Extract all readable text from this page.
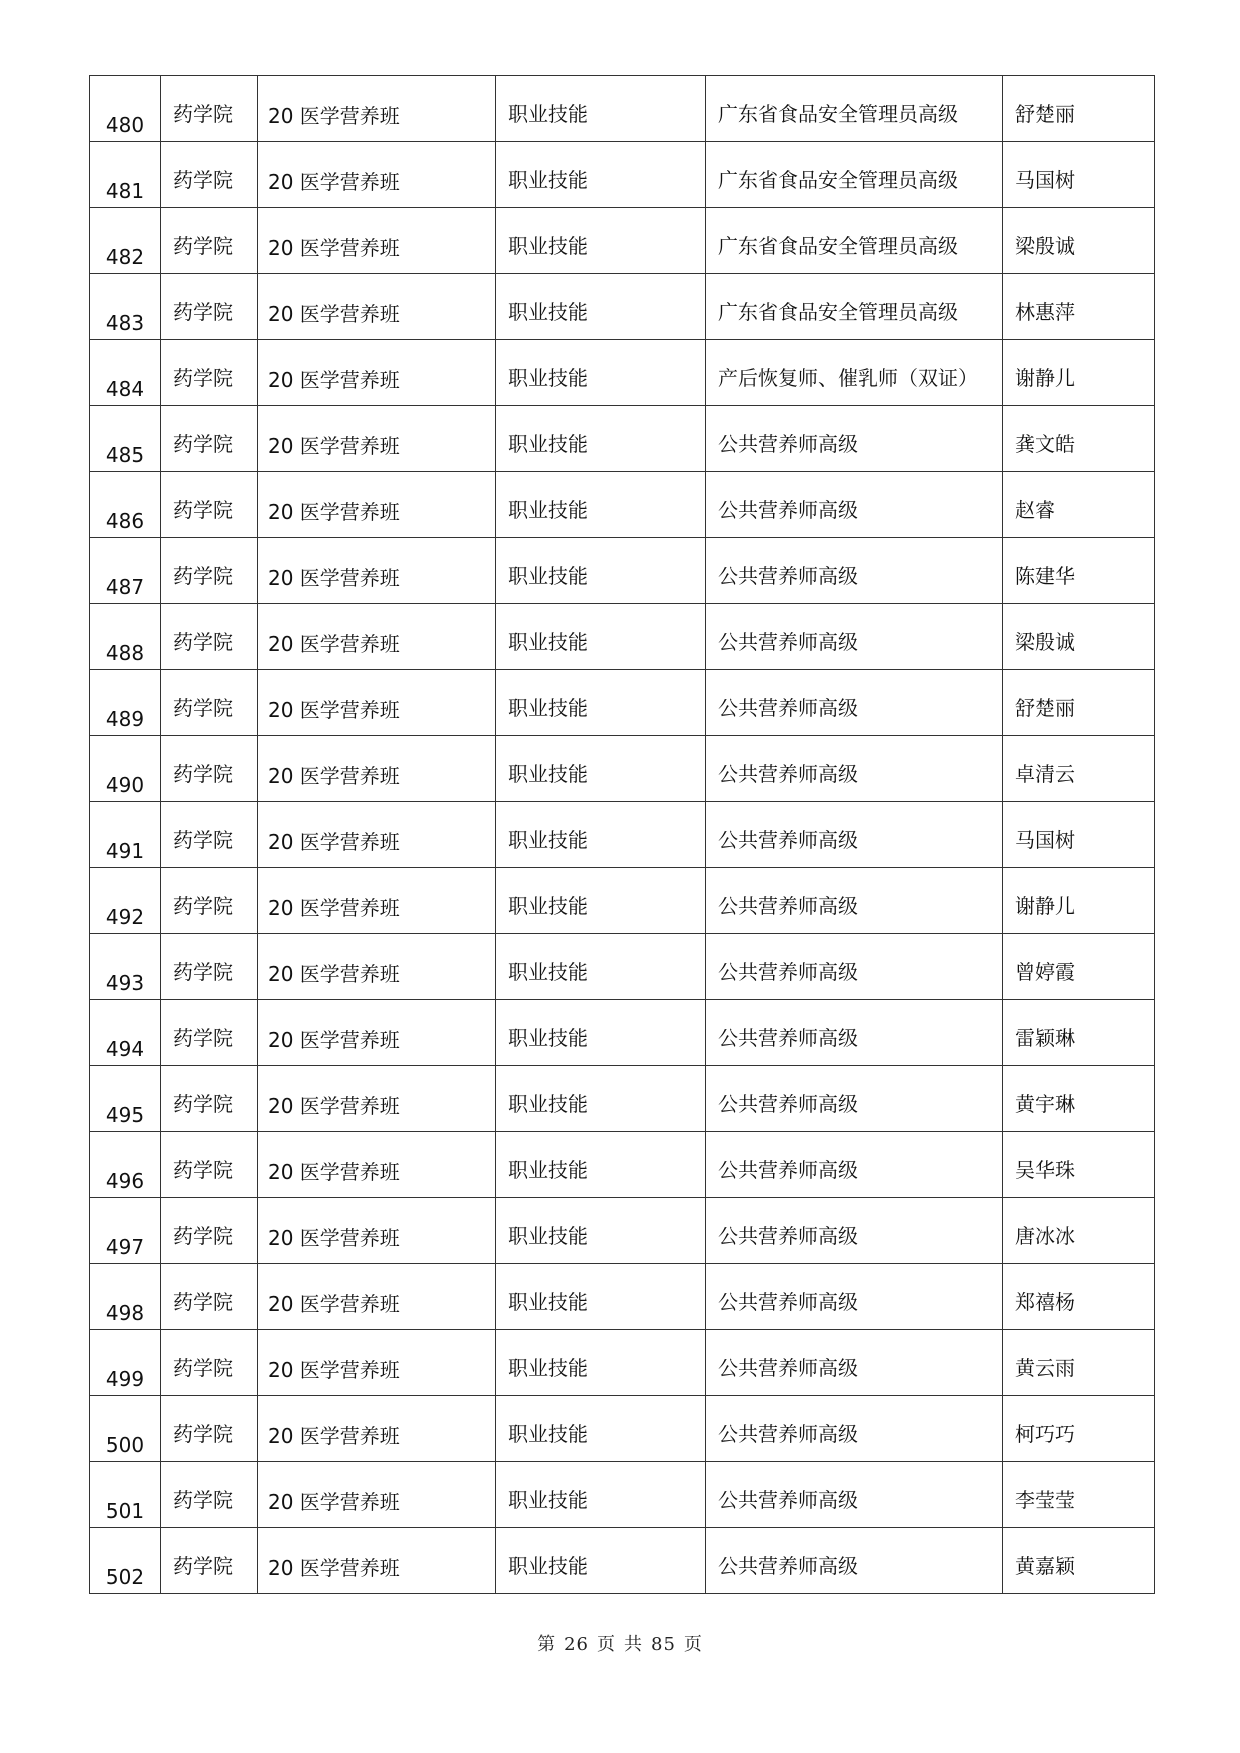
480	药学院	20 医学营养班	职业技能	广东省食品安全管理员高级	舒楚丽

481	药学院	20 医学营养班	职业技能	广东省食品安全管理员高级	马国树

482	药学院	20 医学营养班	职业技能	广东省食品安全管理员高级	梁殷诚

483	药学院	20 医学营养班	职业技能	广东省食品安全管理员高级	林惠萍

484	药学院	20 医学营养班	职业技能	产后恢复师、催乳师（双证）	谢静儿

485	药学院	20 医学营养班	职业技能	公共营养师高级	龚文皓

486	药学院	20 医学营养班	职业技能	公共营养师高级	赵睿

487	药学院	20 医学营养班	职业技能	公共营养师高级	陈建华

488	药学院	20 医学营养班	职业技能	公共营养师高级	梁殷诚

489	药学院	20 医学营养班	职业技能	公共营养师高级	舒楚丽

490	药学院	20 医学营养班	职业技能	公共营养师高级	卓清云

491	药学院	20 医学营养班	职业技能	公共营养师高级	马国树

492	药学院	20 医学营养班	职业技能	公共营养师高级	谢静儿

493	药学院	20 医学营养班	职业技能	公共营养师高级	曾婷霞

494	药学院	20 医学营养班	职业技能	公共营养师高级	雷颖琳

495	药学院	20 医学营养班	职业技能	公共营养师高级	黄宇琳

496	药学院	20 医学营养班	职业技能	公共营养师高级	吴华珠

497	药学院	20 医学营养班	职业技能	公共营养师高级	唐冰冰

498	药学院	20 医学营养班	职业技能	公共营养师高级	郑禧杨

499	药学院	20 医学营养班	职业技能	公共营养师高级	黄云雨

500	药学院	20 医学营养班	职业技能	公共营养师高级	柯巧巧

501	药学院	20 医学营养班	职业技能	公共营养师高级	李莹莹

502	药学院	20 医学营养班	职业技能	公共营养师高级	黄嘉颖
第 26 页 共 85 页
